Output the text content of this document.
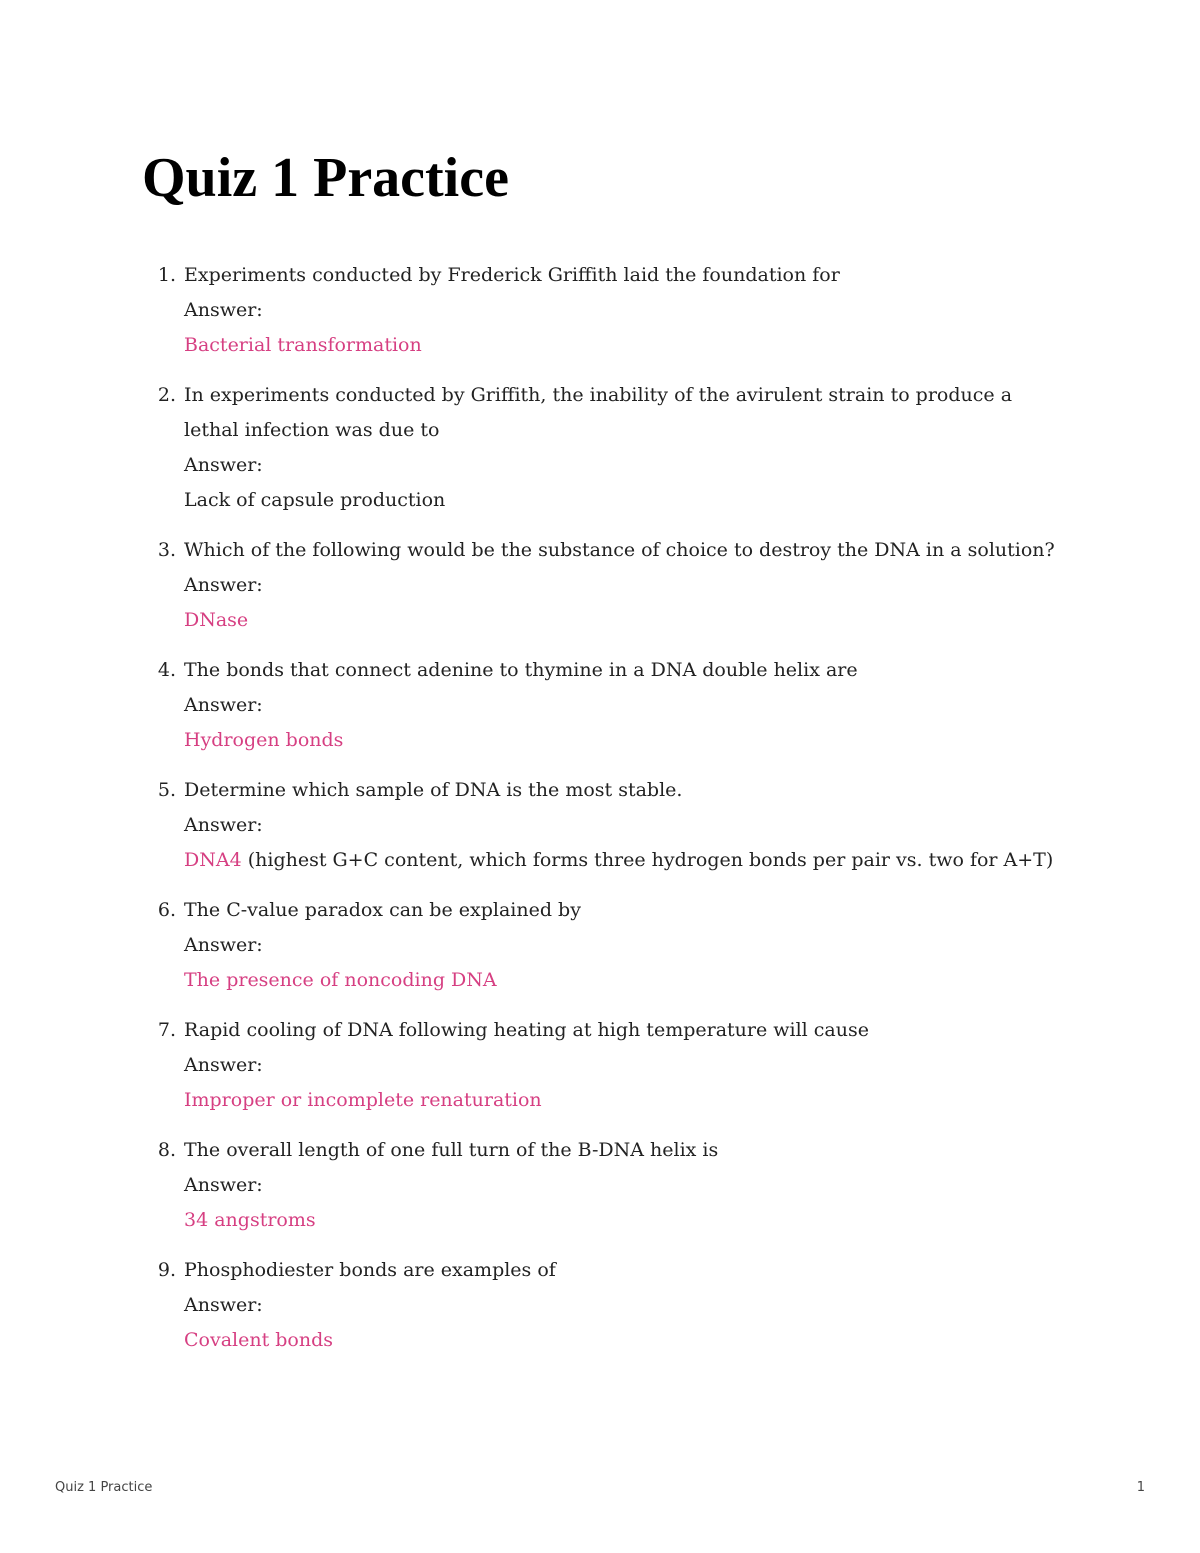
Quiz 1 Practice
1. Experiments conducted by Frederick Griffith laid the foundation for
Answer:
Bacterial transformation
2. In experiments conducted by Griffith, the inability of the avirulent strain to produce a lethal infection was due to
Answer:
Lack of capsule production
3. Which of the following would be the substance of choice to destroy the DNA in a solution?
Answer:
DNase
4. The bonds that connect adenine to thymine in a DNA double helix are
Answer:
Hydrogen bonds
5. Determine which sample of DNA is the most stable.
Answer:
DNA4 (highest G+C content, which forms three hydrogen bonds per pair vs. two for A+T)
6. The C-value paradox can be explained by
Answer:
The presence of noncoding DNA
7. Rapid cooling of DNA following heating at high temperature will cause
Answer:
Improper or incomplete renaturation
8. The overall length of one full turn of the B-DNA helix is
Answer:
34 angstroms
9. Phosphodiester bonds are examples of
Answer:
Covalent bonds
Quiz 1 Practice	1
